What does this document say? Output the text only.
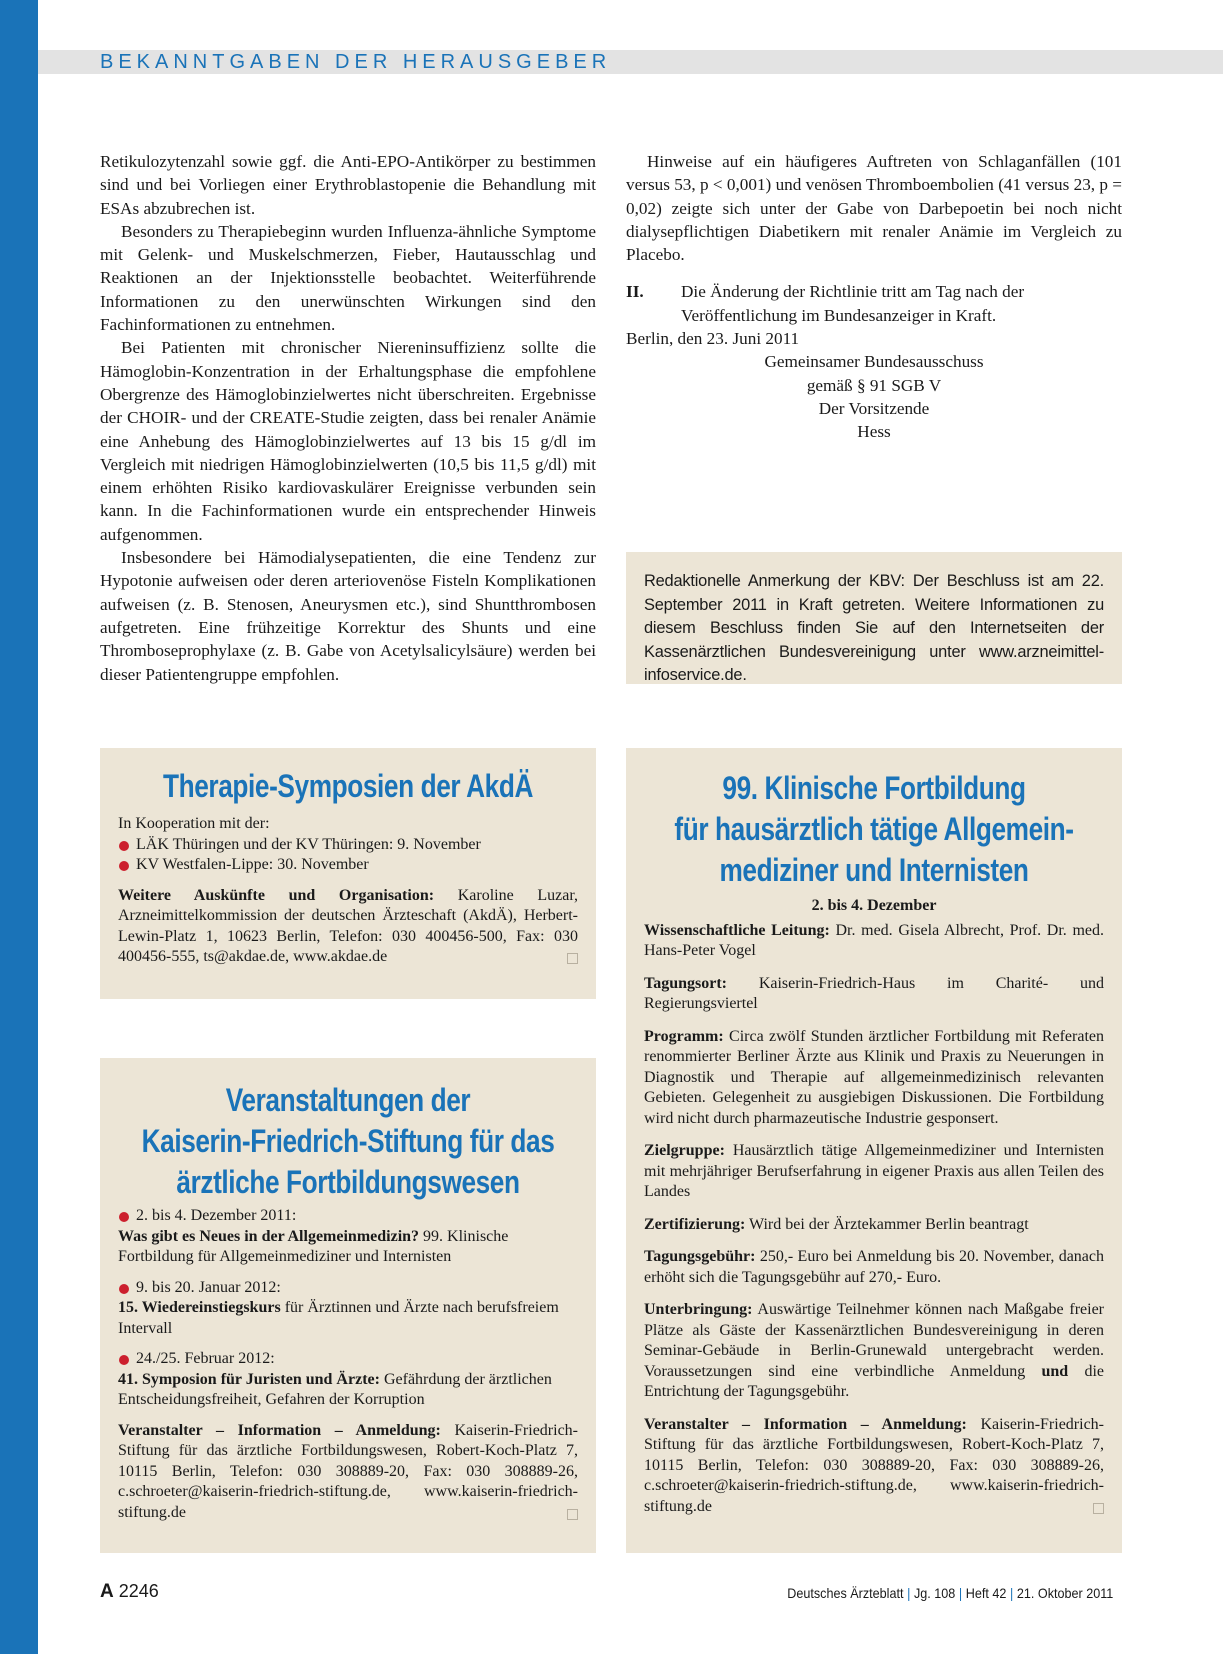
BEKANNTGABEN DER HERAUSGEBER

Retikulozytenzahl sowie ggf. die Anti-EPO-Antikörper zu bestimmen sind und bei Vorliegen einer Erythroblastopenie die Behandlung mit ESAs abzubrechen ist.

Besonders zu Therapiebeginn wurden Influenza-ähnliche Symptome mit Gelenk- und Muskelschmerzen, Fieber, Hautausschlag und Reaktionen an der Injektionsstelle beobachtet. Weiterführende Informationen zu den unerwünschten Wirkungen sind den Fachinformationen zu entnehmen.

Bei Patienten mit chronischer Niereninsuffizienz sollte die Hämoglobin-Konzentration in der Erhaltungsphase die empfohlene Obergrenze des Hämoglobinzielwertes nicht überschreiten. Ergebnisse der CHOIR- und der CREATE-Studie zeigten, dass bei renaler Anämie eine Anhebung des Hämoglobinzielwertes auf 13 bis 15 g/dl im Vergleich mit niedrigen Hämoglobinzielwerten (10,5 bis 11,5 g/dl) mit einem erhöhten Risiko kardiovaskulärer Ereignisse verbunden sein kann. In die Fachinformationen wurde ein entsprechender Hinweis aufgenommen.

Insbesondere bei Hämodialysepatienten, die eine Tendenz zur Hypotonie aufweisen oder deren arteriovenöse Fisteln Komplikationen aufweisen (z. B. Stenosen, Aneurysmen etc.), sind Shuntthrombosen aufgetreten. Eine frühzeitige Korrektur des Shunts und eine Thromboseprophylaxe (z. B. Gabe von Acetylsalicylsäure) werden bei dieser Patientengruppe empfohlen.

Hinweise auf ein häufigeres Auftreten von Schlaganfällen (101 versus 53, p < 0,001) und venösen Thromboembolien (41 versus 23, p = 0,02) zeigte sich unter der Gabe von Darbepoetin bei noch nicht dialysepflichtigen Diabetikern mit renaler Anämie im Vergleich zu Placebo.

II.	Die Änderung der Richtlinie tritt am Tag nach der Veröffentlichung im Bundesanzeiger in Kraft.

Berlin, den 23. Juni 2011

Gemeinsamer Bundesausschuss

gemäß § 91 SGB V

Der Vorsitzende

Hess

Redaktionelle Anmerkung der KBV: Der Beschluss ist am 22. September 2011 in Kraft getreten. Weitere Informationen zu diesem Beschluss finden Sie auf den Internetseiten der Kassenärztlichen Bundesvereinigung unter www.arzneimittel-infoservice.de.
Therapie-Symposien der AkdÄ
In Kooperation mit der:
LÄK Thüringen und der KV Thüringen: 9. November
KV Westfalen-Lippe: 30. November
Weitere Auskünfte und Organisation: Karoline Luzar, Arzneimittelkommission der deutschen Ärzteschaft (AkdÄ), Herbert-Lewin-Platz 1, 10623 Berlin, Telefon: 030 400456-500, Fax: 030 400456-555, ts@akdae.de, www.akdae.de
Veranstaltungen der
Kaiserin-Friedrich-Stiftung für das
ärztliche Fortbildungswesen
2. bis 4. Dezember 2011:
Was gibt es Neues in der Allgemeinmedizin? 99. Klinische Fortbildung für Allgemeinmediziner und Internisten
9. bis 20. Januar 2012:
15. Wiedereinstiegskurs für Ärztinnen und Ärzte nach berufsfreiem Intervall
24./25. Februar 2012:
41. Symposion für Juristen und Ärzte: Gefährdung der ärztlichen Entscheidungsfreiheit, Gefahren der Korruption
Veranstalter – Information – Anmeldung: Kaiserin-Friedrich-Stiftung für das ärztliche Fortbildungswesen, Robert-Koch-Platz 7, 10115 Berlin, Telefon: 030 308889-20, Fax: 030 308889-26, c.schroeter@kaiserin-friedrich-stiftung.de, www.kaiserin-friedrich-stiftung.de
99. Klinische Fortbildung
für hausärztlich tätige Allgemein-
mediziner und Internisten
2. bis 4. Dezember
Wissenschaftliche Leitung: Dr. med. Gisela Albrecht, Prof. Dr. med. Hans-Peter Vogel
Tagungsort: Kaiserin-Friedrich-Haus im Charité- und Regierungsviertel
Programm: Circa zwölf Stunden ärztlicher Fortbildung mit Referaten renommierter Berliner Ärzte aus Klinik und Praxis zu Neuerungen in Diagnostik und Therapie auf allgemeinmedizinisch relevanten Gebieten. Gelegenheit zu ausgiebigen Diskussionen. Die Fortbildung wird nicht durch pharmazeutische Industrie gesponsert.
Zielgruppe: Hausärztlich tätige Allgemeinmediziner und Internisten mit mehrjähriger Berufserfahrung in eigener Praxis aus allen Teilen des Landes
Zertifizierung: Wird bei der Ärztekammer Berlin beantragt
Tagungsgebühr: 250,- Euro bei Anmeldung bis 20. November, danach erhöht sich die Tagungsgebühr auf 270,- Euro.
Unterbringung: Auswärtige Teilnehmer können nach Maßgabe freier Plätze als Gäste der Kassenärztlichen Bundesvereinigung in deren Seminar-Gebäude in Berlin-Grunewald untergebracht werden. Voraussetzungen sind eine verbindliche Anmeldung und die Entrichtung der Tagungsgebühr.
Veranstalter – Information – Anmeldung: Kaiserin-Friedrich-Stiftung für das ärztliche Fortbildungswesen, Robert-Koch-Platz 7, 10115 Berlin, Telefon: 030 308889-20, Fax: 030 308889-26, c.schroeter@kaiserin-friedrich-stiftung.de, www.kaiserin-friedrich-stiftung.de
A 2246	Deutsches Ärzteblatt | Jg. 108 | Heft 42 | 21. Oktober 2011
